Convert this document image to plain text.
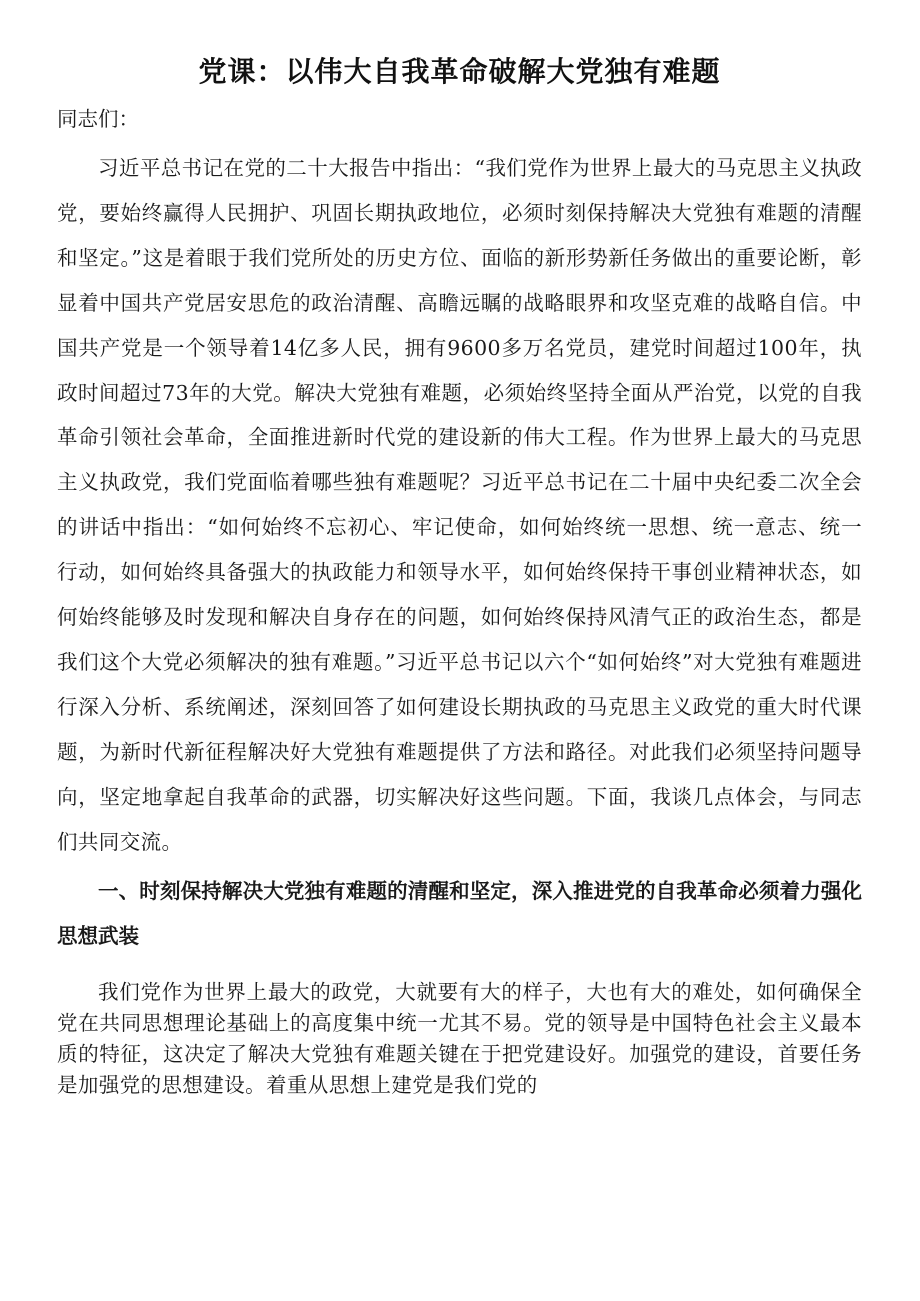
党课：以伟大自我革命破解大党独有难题

同志们：

习近平总书记在党的二十大报告中指出：“我们党作为世界上最大的马克思主义执政党，要始终赢得人民拥护、巩固长期执政地位，必须时刻保持解决大党独有难题的清醒和坚定。”这是着眼于我们党所处的历史方位、面临的新形势新任务做出的重要论断，彰显着中国共产党居安思危的政治清醒、高瞻远瞩的战略眼界和攻坚克难的战略自信。中国共产党是一个领导着14亿多人民，拥有9600多万名党员，建党时间超过100年，执政时间超过73年的大党。解决大党独有难题，必须始终坚持全面从严治党，以党的自我革命引领社会革命，全面推进新时代党的建设新的伟大工程。作为世界上最大的马克思主义执政党，我们党面临着哪些独有难题呢？习近平总书记在二十届中央纪委二次全会的讲话中指出：“如何始终不忘初心、牢记使命，如何始终统一思想、统一意志、统一行动，如何始终具备强大的执政能力和领导水平，如何始终保持干事创业精神状态，如何始终能够及时发现和解决自身存在的问题，如何始终保持风清气正的政治生态，都是我们这个大党必须解决的独有难题。”习近平总书记以六个“如何始终”对大党独有难题进行深入分析、系统阐述，深刻回答了如何建设长期执政的马克思主义政党的重大时代课题，为新时代新征程解决好大党独有难题提供了方法和路径。对此我们必须坚持问题导向，坚定地拿起自我革命的武器，切实解决好这些问题。下面，我谈几点体会，与同志们共同交流。

一、时刻保持解决大党独有难题的清醒和坚定，深入推进党的自我革命必须着力强化思想武装

我们党作为世界上最大的政党，大就要有大的样子，大也有大的难处，如何确保全党在共同思想理论基础上的高度集中统一尤其不易。党的领导是中国特色社会主义最本质的特征，这决定了解决大党独有难题关键在于把党建设好。加强党的建设，首要任务是加强党的思想建设。着重从思想上建党是我们党的
